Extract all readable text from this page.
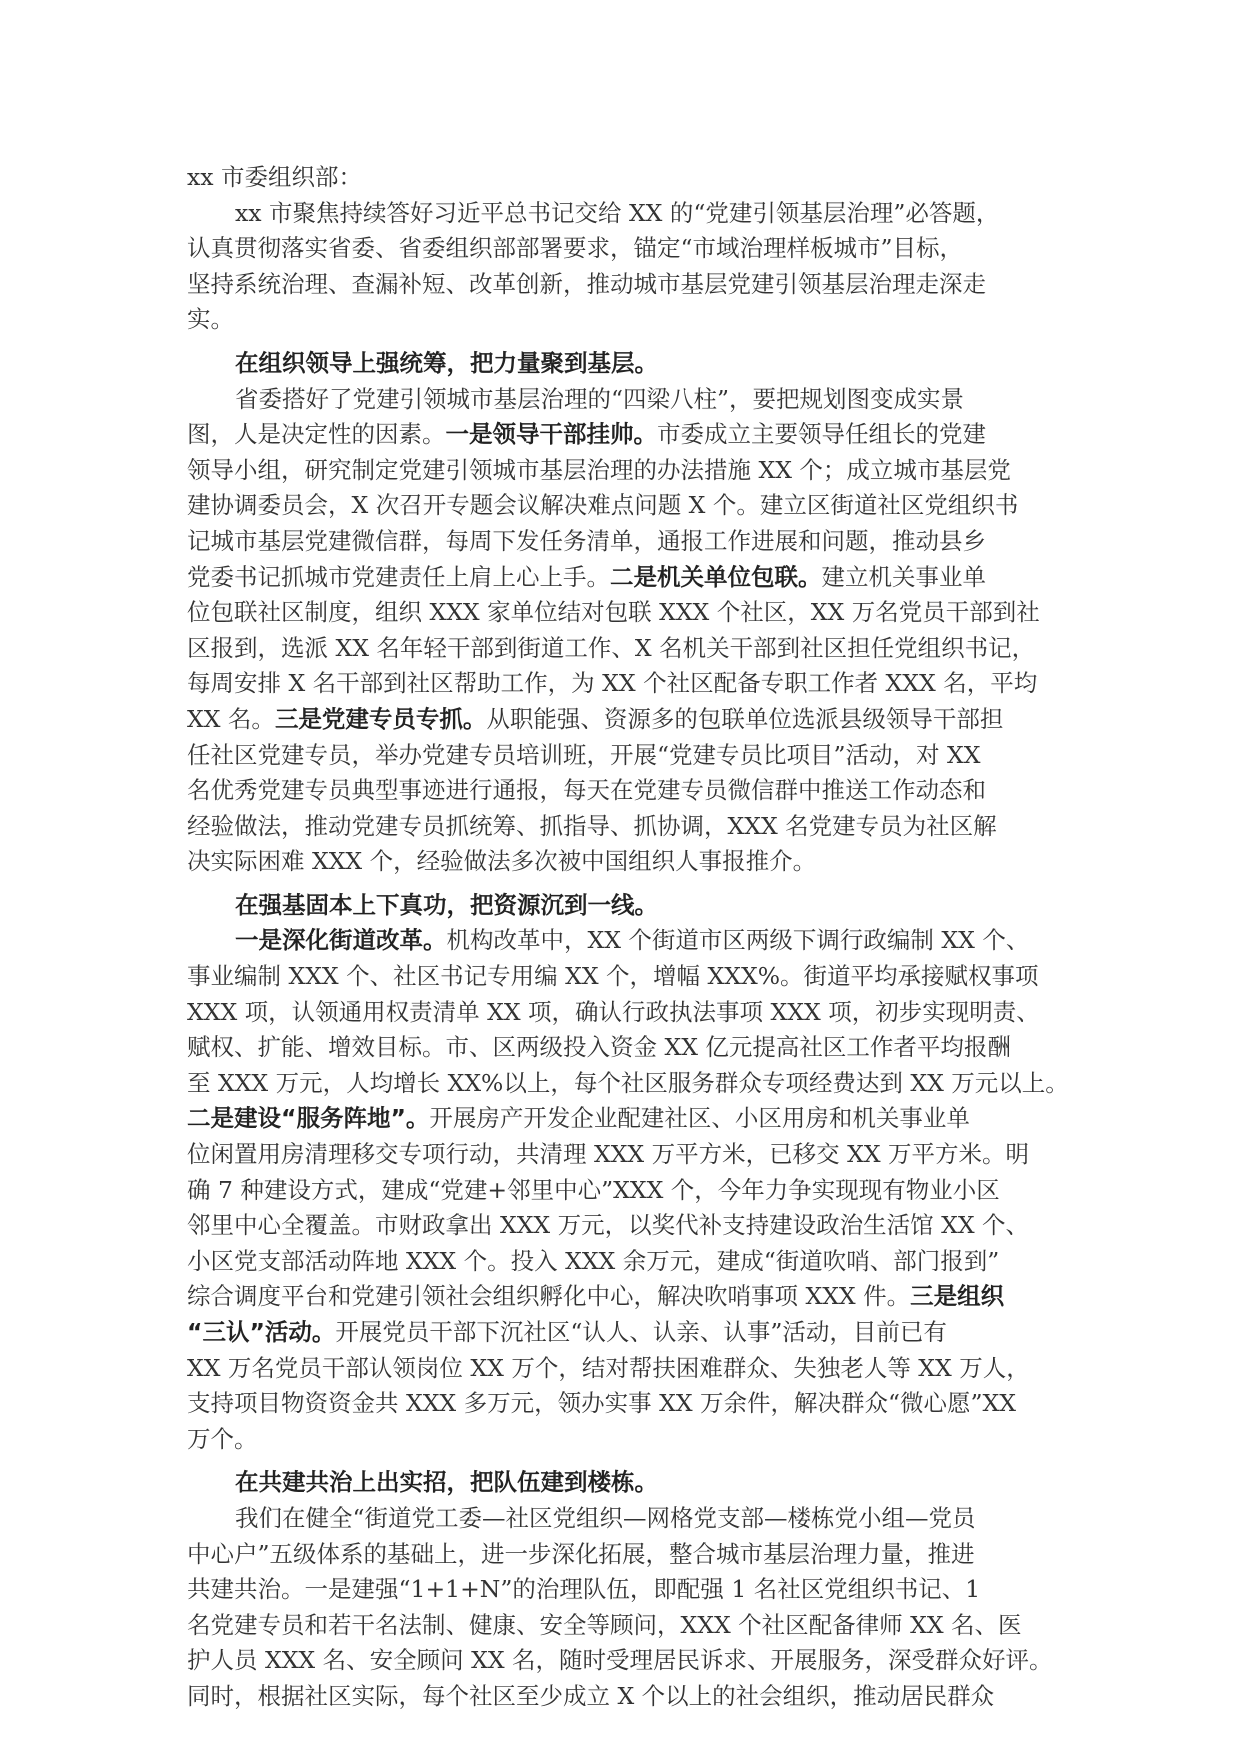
xx 市委组织部：
xx 市聚焦持续答好习近平总书记交给 XX 的“党建引领基层治理”必答题，
认真贯彻落实省委、省委组织部部署要求，锚定“市域治理样板城市”目标，
坚持系统治理、查漏补短、改革创新，推动城市基层党建引领基层治理走深走
实。
在组织领导上强统筹，把力量聚到基层。
省委搭好了党建引领城市基层治理的“四梁八柱”，要把规划图变成实景
图，人是决定性的因素。一是领导干部挂帅。市委成立主要领导任组长的党建
领导小组，研究制定党建引领城市基层治理的办法措施 XX 个；成立城市基层党
建协调委员会，X 次召开专题会议解决难点问题 X 个。建立区街道社区党组织书
记城市基层党建微信群，每周下发任务清单，通报工作进展和问题，推动县乡
党委书记抓城市党建责任上肩上心上手。二是机关单位包联。建立机关事业单
位包联社区制度，组织 XXX 家单位结对包联 XXX 个社区，XX 万名党员干部到社
区报到，选派 XX 名年轻干部到街道工作、X 名机关干部到社区担任党组织书记，
每周安排 X 名干部到社区帮助工作，为 XX 个社区配备专职工作者 XXX 名，平均
XX 名。三是党建专员专抓。从职能强、资源多的包联单位选派县级领导干部担
任社区党建专员，举办党建专员培训班，开展“党建专员比项目”活动，对 XX
名优秀党建专员典型事迹进行通报，每天在党建专员微信群中推送工作动态和
经验做法，推动党建专员抓统筹、抓指导、抓协调，XXX 名党建专员为社区解
决实际困难 XXX 个，经验做法多次被中国组织人事报推介。
在强基固本上下真功，把资源沉到一线。
一是深化街道改革。机构改革中，XX 个街道市区两级下调行政编制 XX 个、
事业编制 XXX 个、社区书记专用编 XX 个，增幅 XXX%。街道平均承接赋权事项
XXX 项，认领通用权责清单 XX 项，确认行政执法事项 XXX 项，初步实现明责、
赋权、扩能、增效目标。市、区两级投入资金 XX 亿元提高社区工作者平均报酬
至 XXX 万元，人均增长 XX%以上，每个社区服务群众专项经费达到 XX 万元以上。
二是建设“服务阵地”。开展房产开发企业配建社区、小区用房和机关事业单
位闲置用房清理移交专项行动，共清理 XXX 万平方米，已移交 XX 万平方米。明
确 7 种建设方式，建成“党建+邻里中心”XXX 个，今年力争实现现有物业小区
邻里中心全覆盖。市财政拿出 XXX 万元，以奖代补支持建设政治生活馆 XX 个、
小区党支部活动阵地 XXX 个。投入 XXX 余万元，建成“街道吹哨、部门报到”
综合调度平台和党建引领社会组织孵化中心，解决吹哨事项 XXX 件。三是组织
“三认”活动。开展党员干部下沉社区“认人、认亲、认事”活动，目前已有
XX 万名党员干部认领岗位 XX 万个，结对帮扶困难群众、失独老人等 XX 万人，
支持项目物资资金共 XXX 多万元，领办实事 XX 万余件，解决群众“微心愿”XX
万个。
在共建共治上出实招，把队伍建到楼栋。
我们在健全“街道党工委—社区党组织—网格党支部—楼栋党小组—党员
中心户”五级体系的基础上，进一步深化拓展，整合城市基层治理力量，推进
共建共治。一是建强“1+1+N”的治理队伍，即配强 1 名社区党组织书记、1
名党建专员和若干名法制、健康、安全等顾问，XXX 个社区配备律师 XX 名、医
护人员 XXX 名、安全顾问 XX 名，随时受理居民诉求、开展服务，深受群众好评。
同时，根据社区实际，每个社区至少成立 X 个以上的社会组织，推动居民群众
